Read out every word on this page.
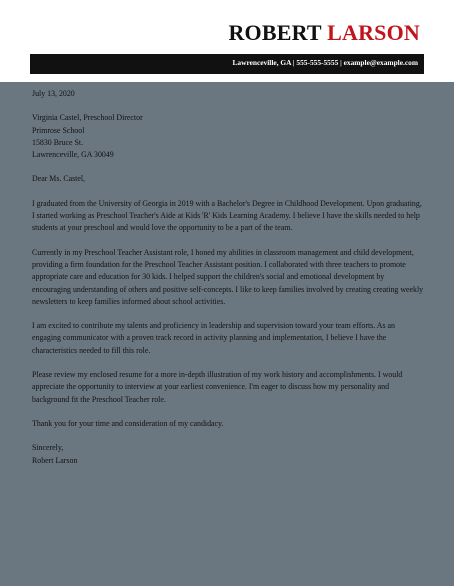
ROBERT LARSON
Lawrenceville, GA | 555-555-5555 | example@example.com

July 13, 2020

Virginia Castel, Preschool Director
Primrose School
15830 Bruce St.
Lawrenceville, GA 30049

Dear Ms. Castel,

I graduated from the University of Georgia in 2019 with a Bachelor's Degree in Childhood Development. Upon graduating, I started working as Preschool Teacher's Aide at Kids 'R' Kids Learning Academy. I believe I have the skills needed to help students at your preschool and would love the opportunity to be a part of the team.

Currently in my Preschool Teacher Assistant role, I honed my abilities in classroom management and child development, providing a firm foundation for the Preschool Teacher Assistant position. I collaborated with three teachers to promote appropriate care and education for 30 kids. I helped support the children's social and emotional development by encouraging understanding of others and positive self-concepts. I like to keep families involved by creating creating weekly newsletters to keep families informed about school activities.

I am excited to contribute my talents and proficiency in leadership and supervision toward your team efforts. As an engaging communicator with a proven track record in activity planning and implementation, I believe I have the characteristics needed to fill this role.

Please review my enclosed resume for a more in-depth illustration of my work history and accomplishments. I would appreciate the opportunity to interview at your earliest convenience. I'm eager to discuss how my personality and background fit the Preschool Teacher role.

Thank you for your time and consideration of my candidacy.

Sincerely,
Robert Larson
